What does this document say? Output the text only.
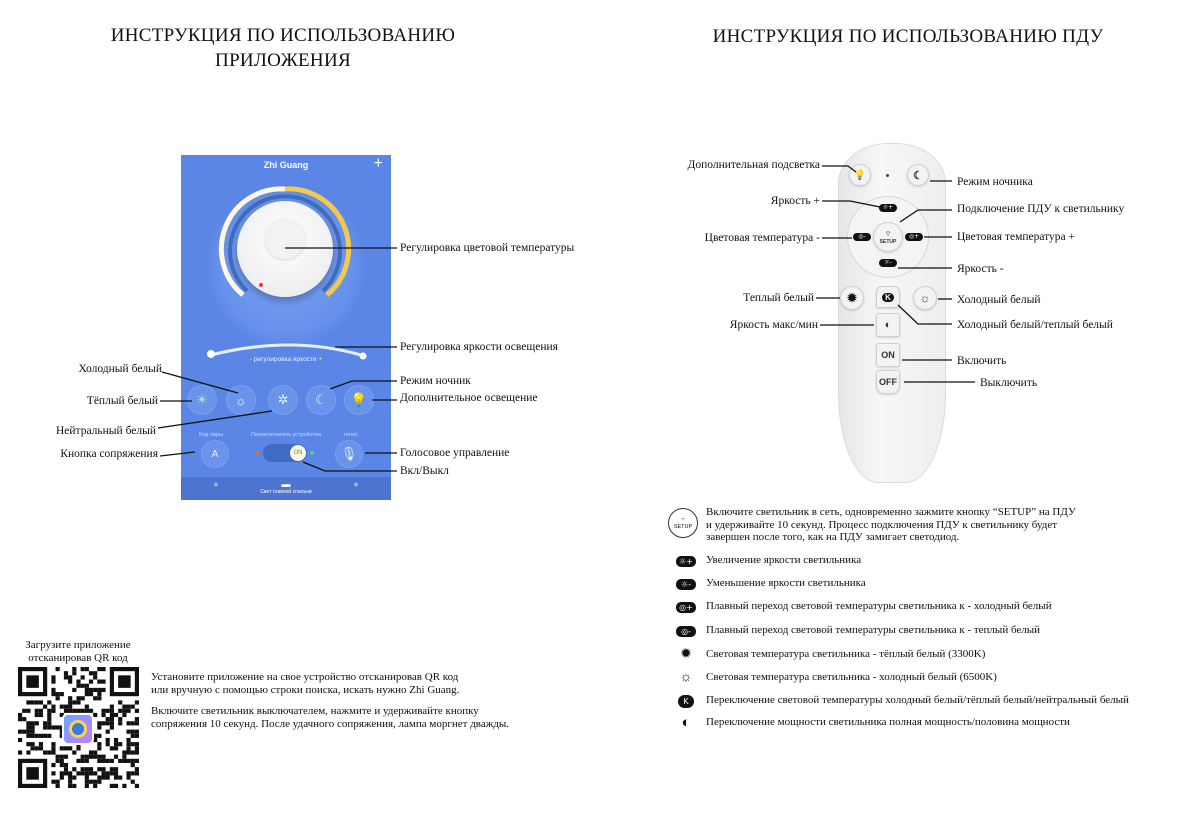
ИНСТРУКЦИЯ ПО ИСПОЛЬЗОВАНИЮ
ПРИЛОЖЕНИЯ
ИНСТРУКЦИЯ ПО ИСПОЛЬЗОВАНИЮ ПДУ
Zhi Guang	+
- регулировка яркости +
☀	☼	✲	☾	💡
Код пары	Переключатель устройства	голос
A	ON	🎙
●	▬
Свет главной спальни
●
💡	☾
☼+
◎-	◎+
☼-
⌔
SETUP
✹	☼
K
◐
ON
OFF
Регулировка цветовой температуры
Регулировка яркости освещения
Холодный белый
Тёплый белый
Нейтральный белый
Кнопка сопряжения
Режим ночник
Дополнительное освещение
Голосовое управление
Вкл/Выкл
Дополнительная подсветка
Яркость +
Цветовая температура -
Теплый белый
Яркость макс/мин
Режим ночника
Подключение ПДУ к светильнику
Цветовая температура +
Яркость -
Холодный белый
Холодный белый/теплый белый
Включить
Выключить
⌔
SETUP
Включите светильник в сеть, одновременно зажмите кнопку “SETUP” на ПДУ
и удерживайте 10 секунд. Процесс подключения ПДУ к светильнику будет
завершен после того, как на ПДУ замигает светодиод.
☼+ Увеличение яркости светильника
☼-	Уменьшение яркости светильника
◎+ Плавный переход световой температуры светильника к - холодный белый
◎-	Плавный переход световой температуры светильника к - теплый белый
✹	Световая температура светильника - тёплый белый (3300K)
☼	Световая температура светильника - холодный белый (6500K)
K	Переключение световой температуры холодный белый/тёплый белый/нейтральный белый
◐	Переключение мощности светильника полная мощность/половина мощности
Загрузите приложение
отсканировав QR код
Установите приложение на свое устройство отсканировав QR код
или вручную с помощью строки поиска, искать нужно Zhi Guang.
Включите светильник выключателем, нажмите и удерживайте кнопку
сопряжения 10 секунд. После удачного сопряжения, лампа моргнет дважды.
